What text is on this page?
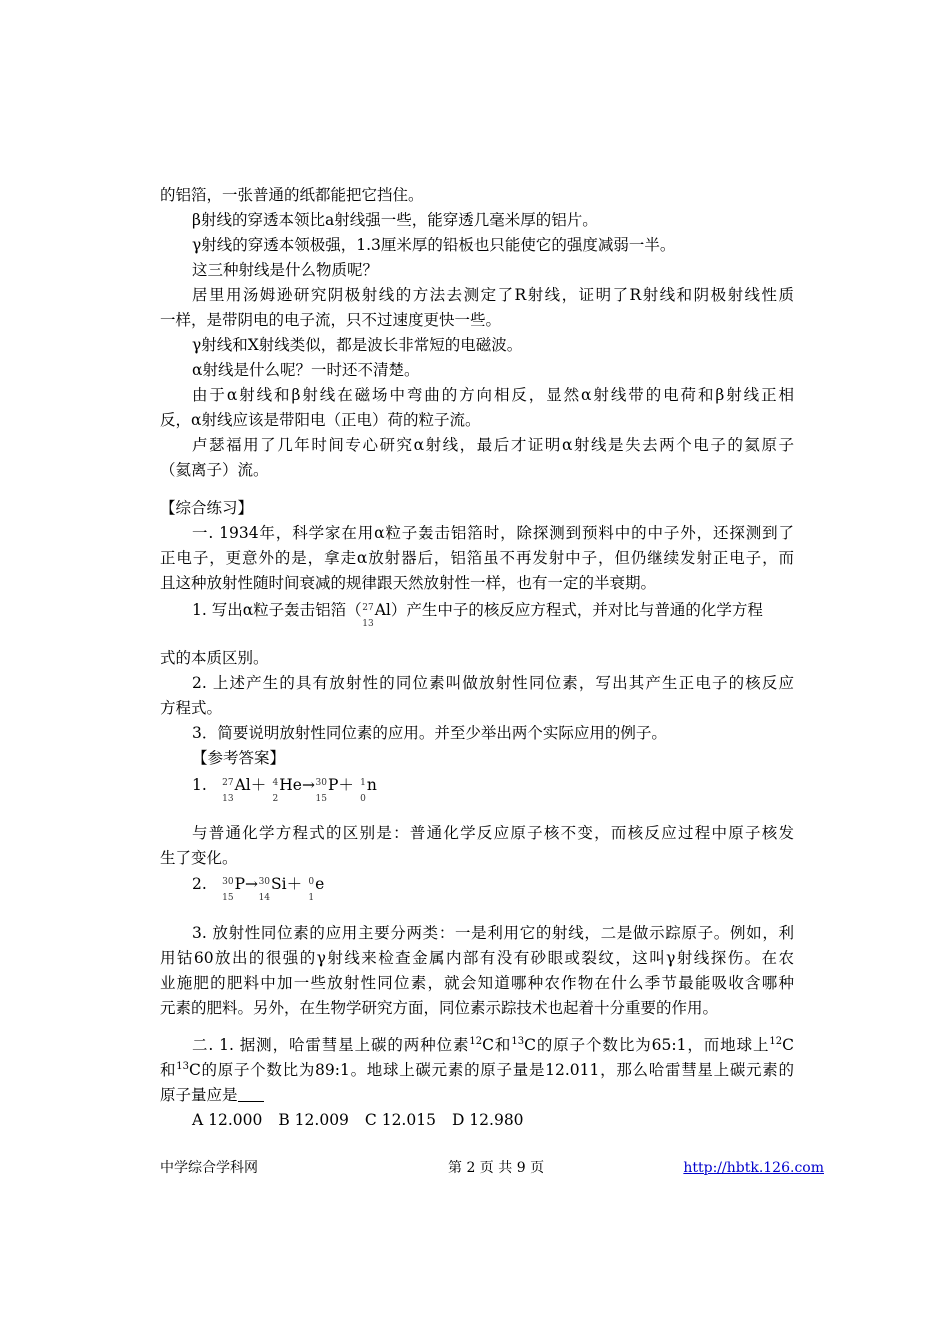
的铝箔，一张普通的纸都能把它挡住。
β射线的穿透本领比a射线强一些，能穿透几毫米厚的铝片。
γ射线的穿透本领极强，1.3厘米厚的铅板也只能使它的强度减弱一半。
这三种射线是什么物质呢？
居里用汤姆逊研究阴极射线的方法去测定了R射线，证明了R射线和阴极射线性质
一样，是带阴电的电子流，只不过速度更快一些。
γ射线和X射线类似，都是波长非常短的电磁波。
α射线是什么呢？一时还不清楚。
由于α射线和β射线在磁场中弯曲的方向相反，显然α射线带的电荷和β射线正相
反，α射线应该是带阳电（正电）荷的粒子流。
卢瑟福用了几年时间专心研究α射线，最后才证明α射线是失去两个电子的氦原子
（氦离子）流。
【综合练习】
一. 1934年，科学家在用α粒子轰击铝箔时，除探测到预料中的中子外，还探测到了
正电子，更意外的是，拿走α放射器后，铝箔虽不再发射中子，但仍继续发射正电子，而
且这种放射性随时间衰减的规律跟天然放射性一样，也有一定的半衰期。
1. 写出α粒子轰击铝箔（ 27
13
Al）产生中子的核反应方程式，并对比与普通的化学方程
式的本质区别。
2. 上述产生的具有放射性的同位素叫做放射性同位素，写出其产生正电子的核反应
方程式。
3．简要说明放射性同位素的应用。并至少举出两个实际应用的例子。
【参考答案】
1. 27
13
Al＋ 4
2
He→ 30
15
P＋ 1
0
n
与普通化学方程式的区别是：普通化学反应原子核不变，而核反应过程中原子核发
生了变化。
2. 30
15
P→ 30
14
Si＋ 0
1
e
3. 放射性同位素的应用主要分两类：一是利用它的射线，二是做示踪原子。例如，利
用钴60放出的很强的γ射线来检查金属内部有没有砂眼或裂纹，这叫γ射线探伤。在农
业施肥的肥料中加一些放射性同位素，就会知道哪种农作物在什么季节最能吸收含哪种
元素的肥料。另外，在生物学研究方面，同位素示踪技术也起着十分重要的作用。
二. 1. 据测，哈雷彗星上碳的两种位素$^{12}$C和$^{13}$C的原子个数比为65:1，而地球上$^{12}$C
和$^{13}$C的原子个数比为89:1。地球上碳元素的原子量是12.011，那么哈雷彗星上碳元素的
原子量应是
A 12.000 B 12.009 C 12.015 D 12.980
中学综合学科网	第 2 页 共 9 页	http://hbtk.126.com
